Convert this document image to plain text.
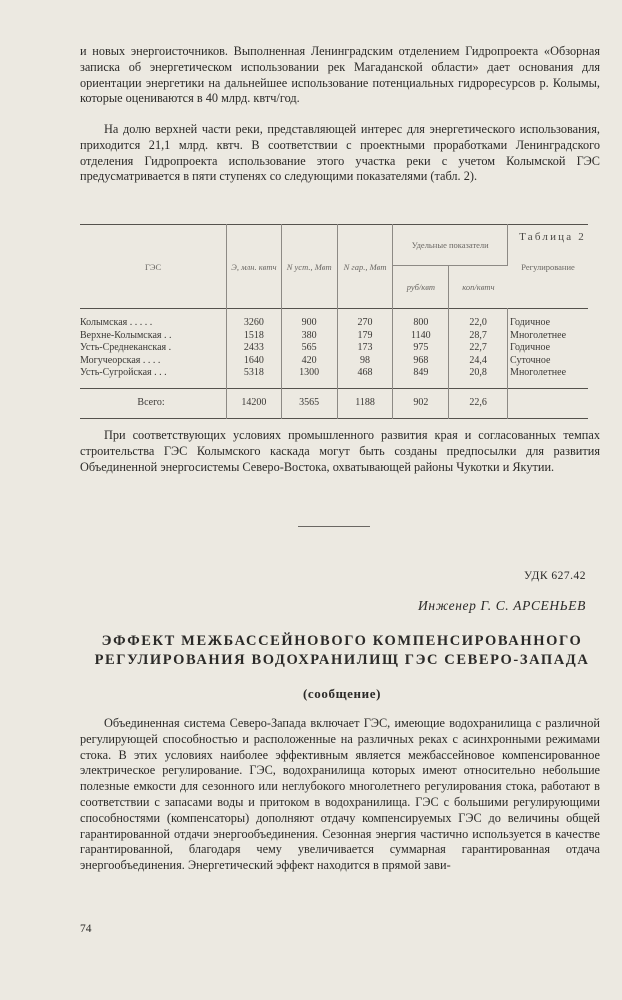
и новых энергоисточников. Выполненная Ленинградским отделением Гидропроекта «Обзорная записка об энергетическом использовании рек Магаданской области» дает основания для ориентации энергетики на дальнейшее использование потенциальных гидроресурсов р. Колымы, которые оцениваются в 40 млрд. квтч/год.

На долю верхней части реки, представляющей интерес для энергетического использования, приходится 21,1 млрд. квтч. В соответствии с проектными проработками Ленинградского отделения Гидропроекта использование этого участка реки с учетом Колымской ГЭС предусматривается в пяти ступенях со следующими показателями (табл. 2).

Таблица 2
ГЭС	Э, млн. квтч	N уст., Мвт	N гар., Мвт	Удельные показатели		Регулирование
				руб/квт	коп/квтч	
Колымская . . . . .	3260	900	270	800	22,0	Годичное
Верхне-Колымская . .	1518	380	179	1140	28,7	Многолетнее
Усть-Среднеканская .	2433	565	173	975	22,7	Годичное
Могучеорская . . . .	1640	420	98	968	24,4	Суточное
Усть-Сугройская . . .	5318	1300	468	849	20,8	Многолетнее
Всего:	14200	3565	1188	902	22,6	

При соответствующих условиях промышленного развития края и согласованных темпах строительства ГЭС Колымского каскада могут быть созданы предпосылки для развития Объединенной энергосистемы Северо-Востока, охватывающей районы Чукотки и Якутии.

УДК 627.42
Инженер Г. С. АРСЕНЬЕВ
ЭФФЕКТ МЕЖБАССЕЙНОВОГО КОМПЕНСИРОВАННОГО
РЕГУЛИРОВАНИЯ ВОДОХРАНИЛИЩ ГЭС СЕВЕРО-ЗАПАДА
(сообщение)

Объединенная система Северо-Запада включает ГЭС, имеющие водохранилища с различной регулирующей способностью и расположенные на различных реках с асинхронными режимами стока. В этих условиях наиболее эффективным является межбассейновое компенсированное электрическое регулирование. ГЭС, водохранилища которых имеют относительно небольшие полезные емкости для сезонного или неглубокого многолетнего регулирования стока, работают в соответствии с запасами воды и притоком в водохранилища. ГЭС с большими регулирующими способностями (компенсаторы) дополняют отдачу компенсируемых ГЭС до величины общей гарантированной отдачи энергообъединения. Сезонная энергия частично используется в качестве гарантированной, благодаря чему увеличивается суммарная гарантированная отдача энергообъединения. Энергетический эффект находится в прямой зави-

74
